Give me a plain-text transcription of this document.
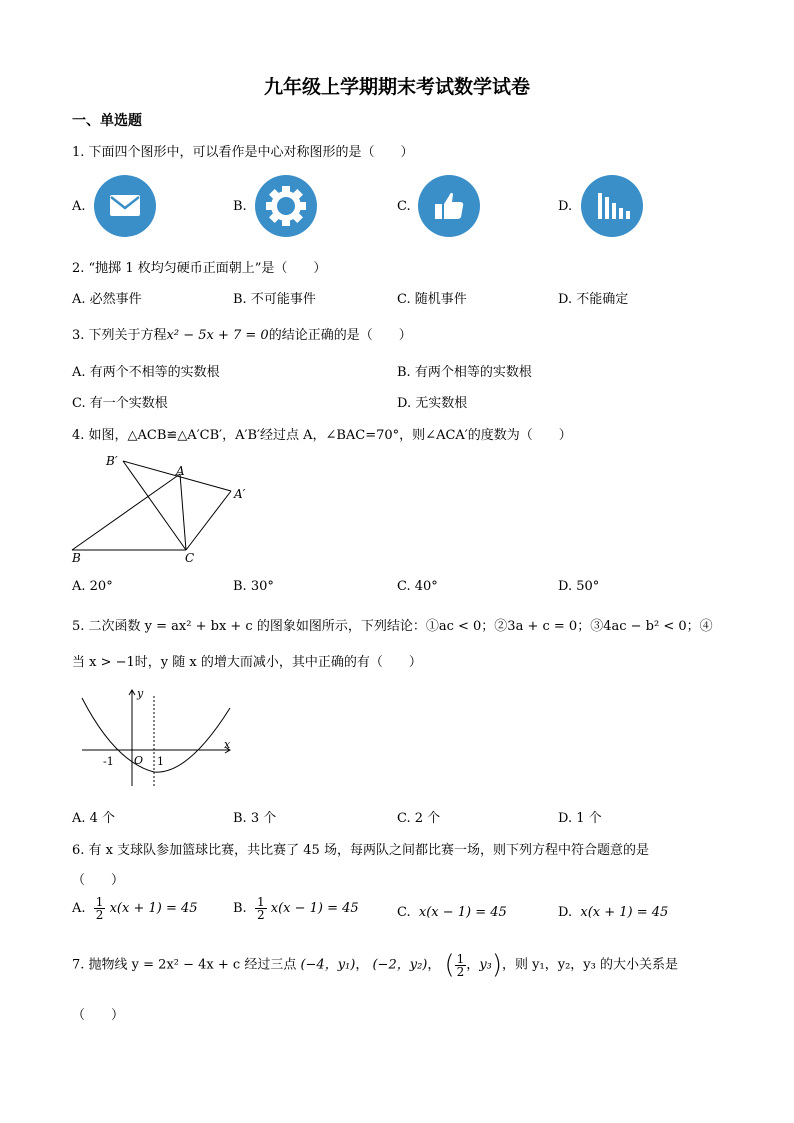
九年级上学期期末考试数学试卷
一、单选题
1. 下面四个图形中，可以看作是中心对称图形的是（　　）
A.	B.	C.	D.
2. “抛掷 1 枚均匀硬币正面朝上”是（　　）
A. 必然事件	B. 不可能事件	C. 随机事件	D. 不能确定
3. 下列关于方程x² − 5x + 7 = 0的结论正确的是（　　）
A. 有两个不相等的实数根	B. 有两个相等的实数根
C. 有一个实数根	D. 无实数根
4. 如图，△ACB≌△A′CB′，A′B′经过点 A，∠BAC=70°，则∠ACA′的度数为（　　）
B′
A
A′
B	C
A. 20°	B. 30°	C. 40°	D. 50°
5. 二次函数 y = ax² + bx + c 的图象如图所示，下列结论：①ac < 0；②3a + c = 0；③4ac − b² < 0；④
当 x > −1时，y 随 x 的增大而减小，其中正确的有（　　）
y
x
O
-1	1
A. 4 个	B. 3 个	C. 2 个	D. 1 个
6. 有 x 支球队参加篮球比赛，共比赛了 45 场，每两队之间都比赛一场，则下列方程中符合题意的是
（　　）
A. $\frac{1}{2} x(x + 1) = 45$	B. $\frac{1}{2} x(x - 1) = 45$	C. x(x − 1) = 45	D. x(x + 1) = 45
7. 抛物线 y = 2x² − 4x + c 经过三点 (−4，y₁)， (−2，y₂)， ( $\frac{1}{2}$ ，y₃)，则 y₁，y₂，y₃ 的大小关系是
（　　）
